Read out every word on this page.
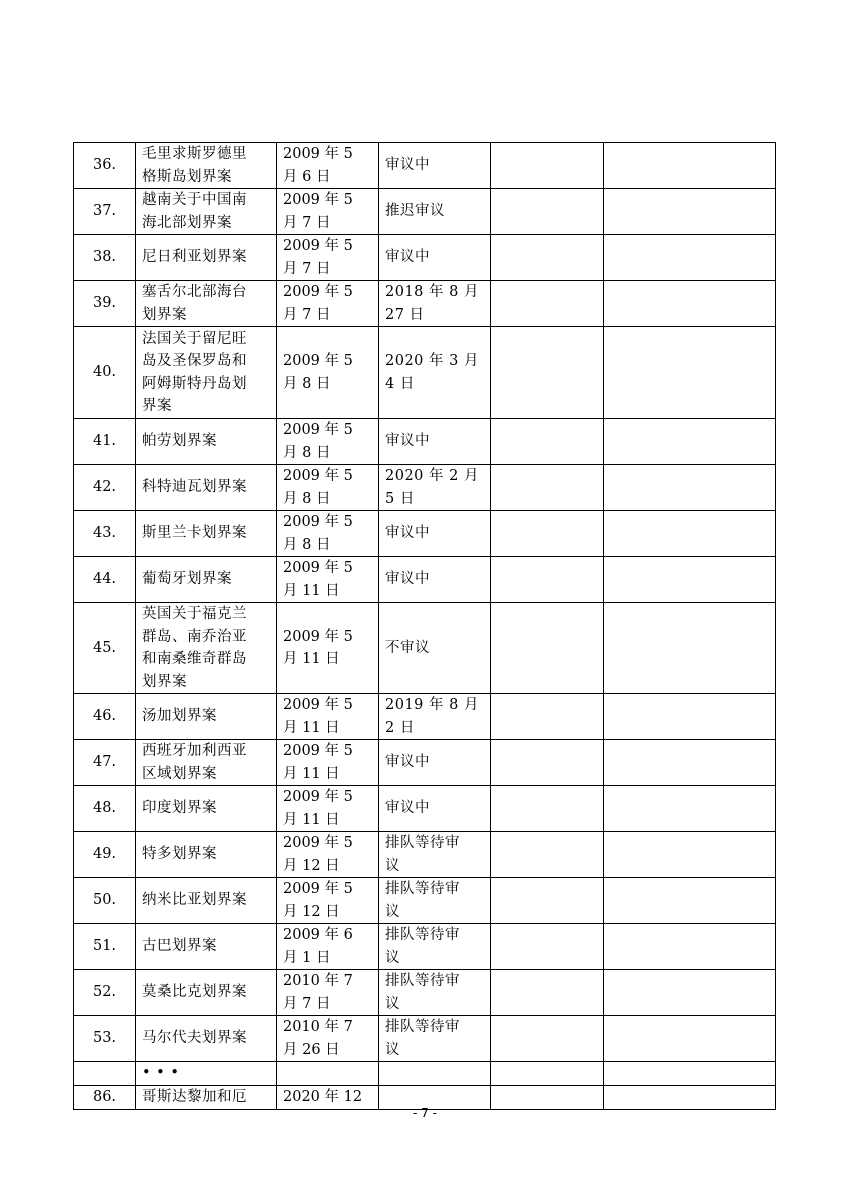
36.	毛里求斯罗德里
格斯岛划界案	2009 年 5
月 6 日	审议中		

37.	越南关于中国南
海北部划界案	2009 年 5
月 7 日	推迟审议		

38.	尼日利亚划界案	2009 年 5
月 7 日	审议中		

39.	塞舌尔北部海台
划界案	2009 年 5
月 7 日	2018 年 8 月
27 日		

40.	法国关于留尼旺
岛及圣保罗岛和
阿姆斯特丹岛划
界案	2009 年 5
月 8 日	2020 年 3 月
4 日		

41.	帕劳划界案	2009 年 5
月 8 日	审议中		

42.	科特迪瓦划界案	2009 年 5
月 8 日	2020 年 2 月
5 日		

43.	斯里兰卡划界案	2009 年 5
月 8 日	审议中		

44.	葡萄牙划界案	2009 年 5
月 11 日	审议中		

45.	英国关于福克兰
群岛、南乔治亚
和南桑维奇群岛
划界案	2009 年 5
月 11 日	不审议		

46.	汤加划界案	2009 年 5
月 11 日	2019 年 8 月
2 日		

47.	西班牙加利西亚
区域划界案	2009 年 5
月 11 日	审议中		

48.	印度划界案	2009 年 5
月 11 日	审议中		

49.	特多划界案	2009 年 5
月 12 日	排队等待审
议		

50.	纳米比亚划界案	2009 年 5
月 12 日	排队等待审
议		

51.	古巴划界案	2009 年 6
月 1 日	排队等待审
议		

52.	莫桑比克划界案	2010 年 7
月 7 日	排队等待审
议		

53.	马尔代夫划界案	2010 年 7
月 26 日	排队等待审
议		

	• • •				

86.	哥斯达黎加和厄	2020 年 12			

- 7 -
